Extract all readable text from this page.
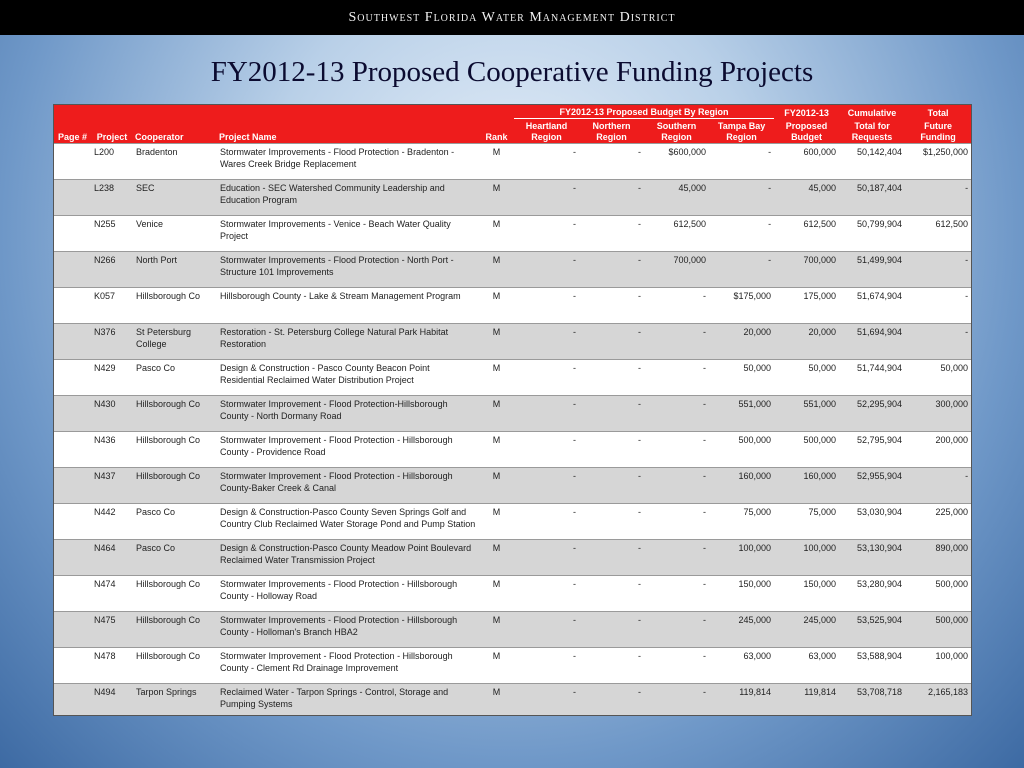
Southwest Florida Water Management District
FY2012-13 Proposed Cooperative Funding Projects
					FY2012-13 Proposed Budget By Region				FY2012-13	Cumulative	Total
Page #	Project	Cooperator	Project Name	Rank	Heartland Region	Northern Region	Southern Region	Tampa Bay Region	Proposed Budget	Total for Requests	Future Funding
	L200	Bradenton	Stormwater Improvements - Flood Protection - Bradenton - Wares Creek Bridge Replacement	M	-	-	$600,000	-	600,000	50,142,404	$1,250,000
	L238	SEC	Education - SEC Watershed Community Leadership and Education Program	M	-	-	45,000	-	45,000	50,187,404	-
	N255	Venice	Stormwater Improvements - Venice - Beach Water Quality Project	M	-	-	612,500	-	612,500	50,799,904	612,500
	N266	North Port	Stormwater Improvements - Flood Protection - North Port - Structure 101 Improvements	M	-	-	700,000	-	700,000	51,499,904	-
	K057	Hillsborough Co	Hillsborough County - Lake & Stream Management Program	M	-	-	-	$175,000	175,000	51,674,904	-
	N376	St Petersburg College	Restoration - St. Petersburg College Natural Park Habitat Restoration	M	-	-	-	20,000	20,000	51,694,904	-
	N429	Pasco Co	Design & Construction - Pasco County Beacon Point Residential Reclaimed Water Distribution Project	M	-	-	-	50,000	50,000	51,744,904	50,000
	N430	Hillsborough Co	Stormwater Improvement - Flood Protection-Hillsborough County - North Dormany Road	M	-	-	-	551,000	551,000	52,295,904	300,000
	N436	Hillsborough Co	Stormwater Improvement - Flood Protection - Hillsborough County - Providence Road	M	-	-	-	500,000	500,000	52,795,904	200,000
	N437	Hillsborough Co	Stormwater Improvement - Flood Protection - Hillsborough County-Baker Creek & Canal	M	-	-	-	160,000	160,000	52,955,904	-
	N442	Pasco Co	Design & Construction-Pasco County Seven Springs Golf and Country Club Reclaimed Water Storage Pond and Pump Station	M	-	-	-	75,000	75,000	53,030,904	225,000
	N464	Pasco Co	Design & Construction-Pasco County Meadow Point Boulevard Reclaimed Water Transmission Project	M	-	-	-	100,000	100,000	53,130,904	890,000
	N474	Hillsborough Co	Stormwater Improvements - Flood Protection - Hillsborough County - Holloway Road	M	-	-	-	150,000	150,000	53,280,904	500,000
	N475	Hillsborough Co	Stormwater Improvements - Flood Protection - Hillsborough County - Holloman's Branch HBA2	M	-	-	-	245,000	245,000	53,525,904	500,000
	N478	Hillsborough Co	Stormwater Improvement - Flood Protection - Hillsborough County - Clement Rd Drainage Improvement	M	-	-	-	63,000	63,000	53,588,904	100,000
	N494	Tarpon Springs	Reclaimed Water - Tarpon Springs - Control, Storage and Pumping Systems	M	-	-	-	119,814	119,814	53,708,718	2,165,183
